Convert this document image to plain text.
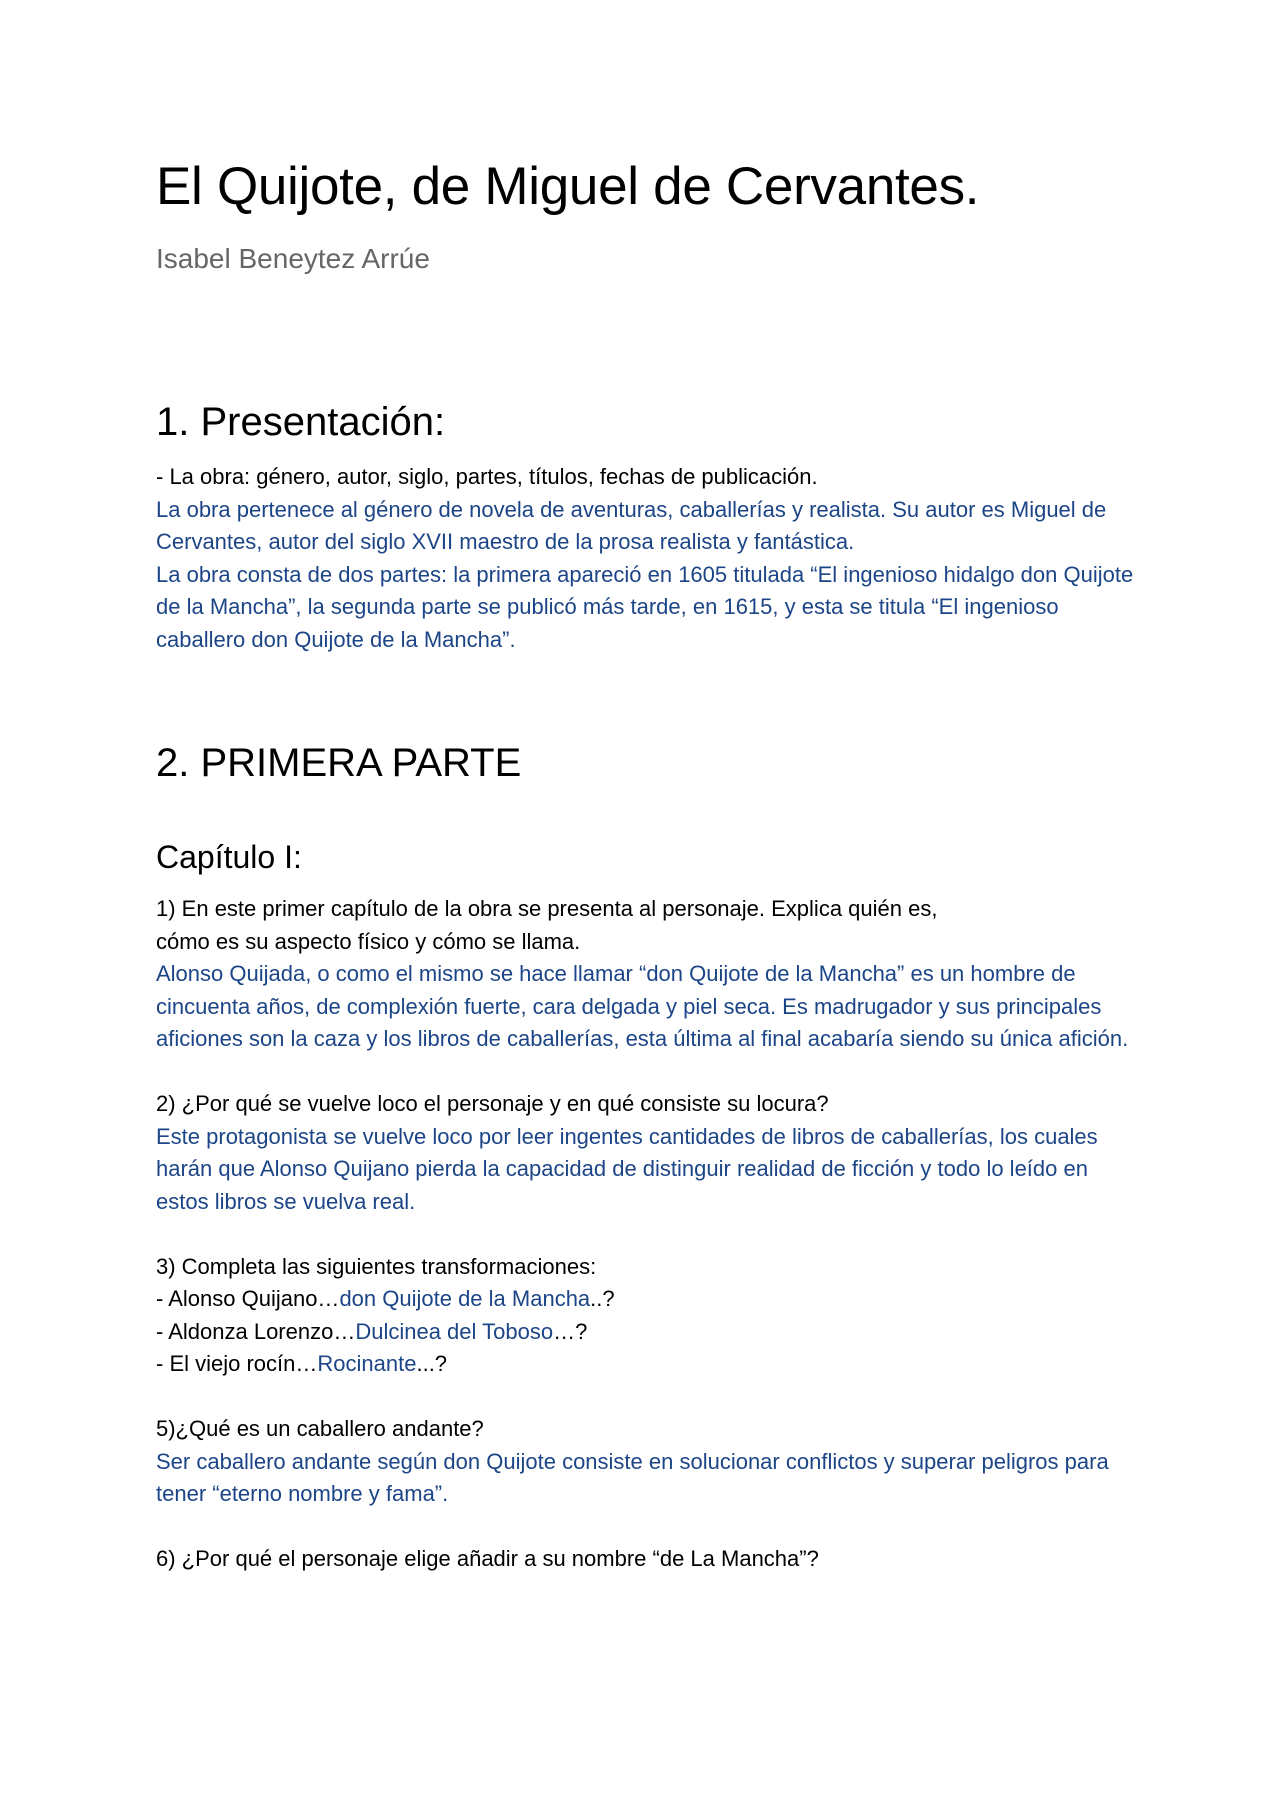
El Quijote, de Miguel de Cervantes.

Isabel Beneytez Arrúe

1. Presentación:

- La obra: género, autor, siglo, partes, títulos, fechas de publicación.

La obra pertenece al género de novela de aventuras, caballerías y realista. Su autor es Miguel de Cervantes, autor del siglo XVII maestro de la prosa realista y fantástica.

La obra consta de dos partes: la primera apareció en 1605 titulada “El ingenioso hidalgo don Quijote de la Mancha”, la segunda parte se publicó más tarde, en 1615, y esta se titula “El ingenioso caballero don Quijote de la Mancha”.

2. PRIMERA PARTE
Capítulo I:

1) En este primer capítulo de la obra se presenta al personaje. Explica quién es,

cómo es su aspecto físico y cómo se llama.

Alonso Quijada, o como el mismo se hace llamar “don Quijote de la Mancha” es un hombre de cincuenta años, de complexión fuerte, cara delgada y piel seca. Es madrugador y sus principales aficiones son la caza y los libros de caballerías, esta última al final acabaría siendo su única afición.

2) ¿Por qué se vuelve loco el personaje y en qué consiste su locura?

Este protagonista se vuelve loco por leer ingentes cantidades de libros de caballerías, los cuales harán que Alonso Quijano pierda la capacidad de distinguir realidad de ficción y todo lo leído en estos libros se vuelva real.

3) Completa las siguientes transformaciones:

- Alonso Quijano…don Quijote de la Mancha..?

- Aldonza Lorenzo…Dulcinea del Toboso…?

- El viejo rocín…Rocinante...?

5)¿Qué es un caballero andante?

Ser caballero andante según don Quijote consiste en solucionar conflictos y superar peligros para tener “eterno nombre y fama”.

6) ¿Por qué el personaje elige añadir a su nombre “de La Mancha”?
